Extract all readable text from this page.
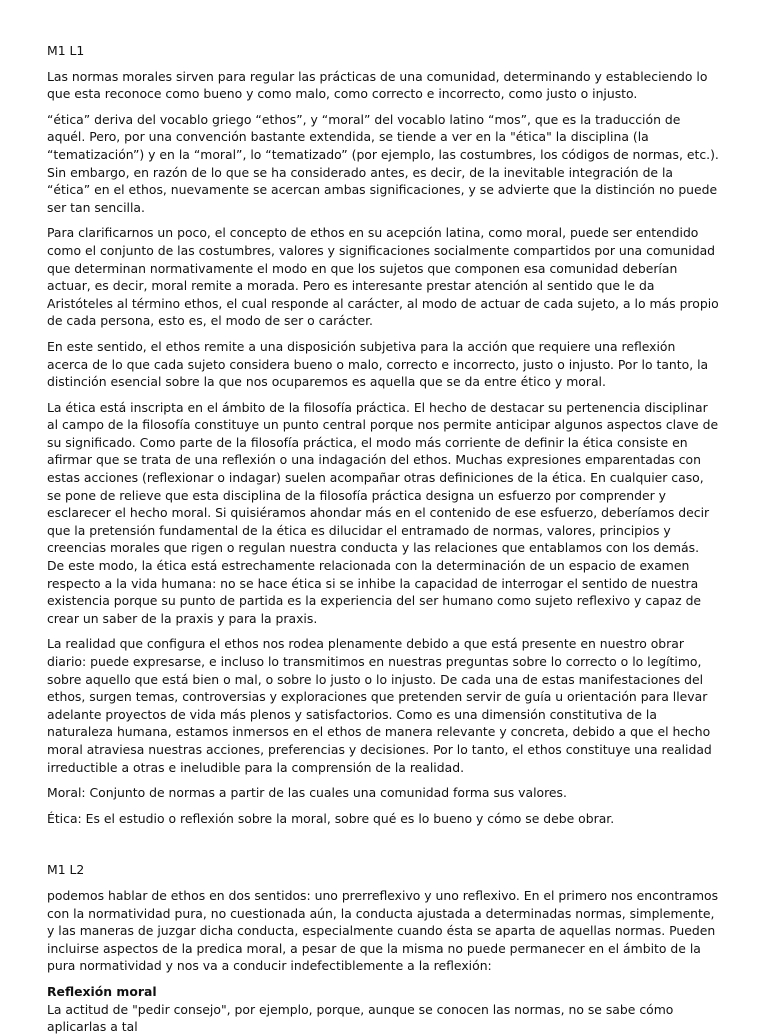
M1 L1

Las normas morales sirven para regular las prácticas de una comunidad, determinando y estableciendo lo que esta reconoce como bueno y como malo, como correcto e incorrecto, como justo o injusto.

“ética” deriva del vocablo griego “ethos”, y “moral” del vocablo latino “mos”, que es la traducción de aquél. Pero, por una convención bastante extendida, se tiende a ver en la "ética" la disciplina (la “tematización”) y en la “moral”, lo “tematizado” (por ejemplo, las costumbres, los códigos de normas, etc.). Sin embargo, en razón de lo que se ha considerado antes, es decir, de la inevitable integración de la “ética” en el ethos, nuevamente se acercan ambas significaciones, y se advierte que la distinción no puede ser tan sencilla.

Para clarificarnos un poco, el concepto de ethos en su acepción latina, como moral, puede ser entendido como el conjunto de las costumbres, valores y significaciones socialmente compartidos por una comunidad que determinan normativamente el modo en que los sujetos que componen esa comunidad deberían actuar, es decir, moral remite a morada. Pero es interesante prestar atención al sentido que le da Aristóteles al término ethos, el cual responde al carácter, al modo de actuar de cada sujeto, a lo más propio de cada persona, esto es, el modo de ser o carácter.

En este sentido, el ethos remite a una disposición subjetiva para la acción que requiere una reflexión acerca de lo que cada sujeto considera bueno o malo, correcto e incorrecto, justo o injusto. Por lo tanto, la distinción esencial sobre la que nos ocuparemos es aquella que se da entre ético y moral.

La ética está inscripta en el ámbito de la filosofía práctica. El hecho de destacar su pertenencia disciplinar al campo de la filosofía constituye un punto central porque nos permite anticipar algunos aspectos clave de su significado. Como parte de la filosofía práctica, el modo más corriente de definir la ética consiste en afirmar que se trata de una reflexión o una indagación del ethos. Muchas expresiones emparentadas con estas acciones (reflexionar o indagar) suelen acompañar otras definiciones de la ética. En cualquier caso, se pone de relieve que esta disciplina de la filosofía práctica designa un esfuerzo por comprender y esclarecer el hecho moral. Si quisiéramos ahondar más en el contenido de ese esfuerzo, deberíamos decir que la pretensión fundamental de la ética es dilucidar el entramado de normas, valores, principios y creencias morales que rigen o regulan nuestra conducta y las relaciones que entablamos con los demás. De este modo, la ética está estrechamente relacionada con la determinación de un espacio de examen respecto a la vida humana: no se hace ética si se inhibe la capacidad de interrogar el sentido de nuestra existencia porque su punto de partida es la experiencia del ser humano como sujeto reflexivo y capaz de crear un saber de la praxis y para la praxis.

La realidad que configura el ethos nos rodea plenamente debido a que está presente en nuestro obrar diario: puede expresarse, e incluso lo transmitimos en nuestras preguntas sobre lo correcto o lo legítimo, sobre aquello que está bien o mal, o sobre lo justo o lo injusto. De cada una de estas manifestaciones del ethos, surgen temas, controversias y exploraciones que pretenden servir de guía u orientación para llevar adelante proyectos de vida más plenos y satisfactorios. Como es una dimensión constitutiva de la naturaleza humana, estamos inmersos en el ethos de manera relevante y concreta, debido a que el hecho moral atraviesa nuestras acciones, preferencias y decisiones. Por lo tanto, el ethos constituye una realidad irreductible a otras e ineludible para la comprensión de la realidad.

Moral: Conjunto de normas a partir de las cuales una comunidad forma sus valores.

Ética: Es el estudio o reflexión sobre la moral, sobre qué es lo bueno y cómo se debe obrar.

M1 L2

podemos hablar de ethos en dos sentidos: uno prerreflexivo y uno reflexivo. En el primero nos encontramos con la normatividad pura, no cuestionada aún, la conducta ajustada a determinadas normas, simplemente, y las maneras de juzgar dicha conducta, especialmente cuando ésta se aparta de aquellas normas. Pueden incluirse aspectos de la predica moral, a pesar de que la misma no puede permanecer en el ámbito de la pura normatividad y nos va a conducir indefectiblemente a la reflexión:

Reflexión moral
La actitud de "pedir consejo", por ejemplo, porque, aunque se conocen las normas, no se sabe cómo aplicarlas a tal
